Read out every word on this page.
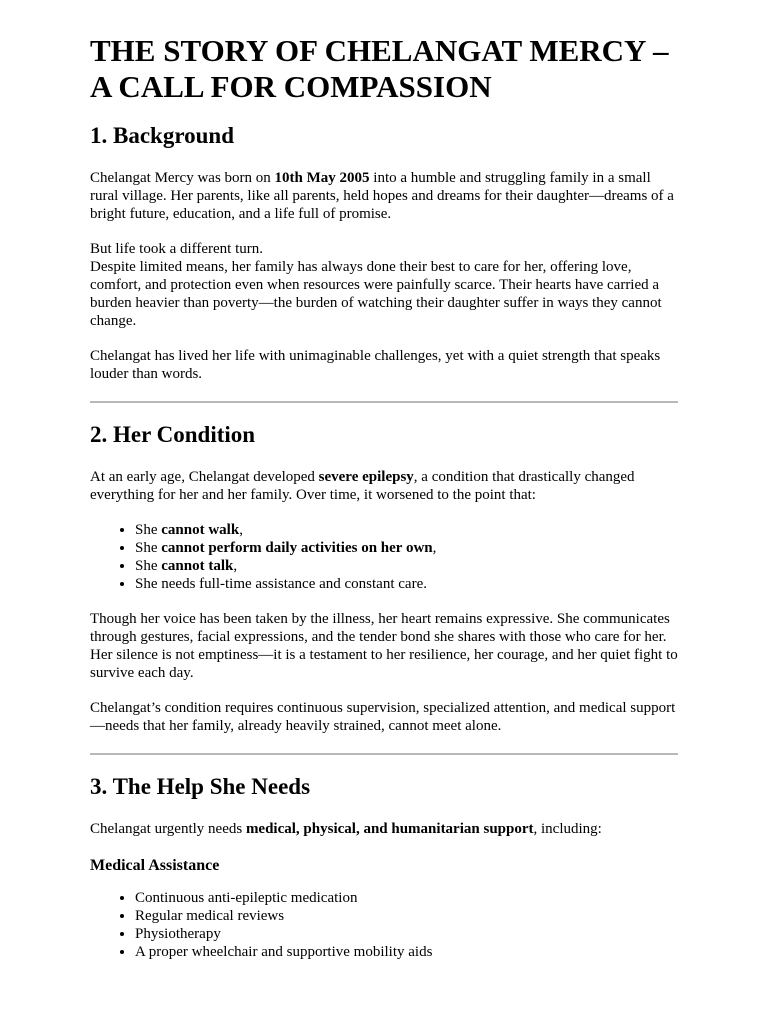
THE STORY OF CHELANGAT MERCY –
A CALL FOR COMPASSION
1. Background

Chelangat Mercy was born on 10th May 2005 into a humble and struggling family in a small rural village. Her parents, like all parents, held hopes and dreams for their daughter—dreams of a bright future, education, and a life full of promise.

But life took a different turn.

Despite limited means, her family has always done their best to care for her, offering love, comfort, and protection even when resources were painfully scarce. Their hearts have carried a burden heavier than poverty—the burden of watching their daughter suffer in ways they cannot change.

Chelangat has lived her life with unimaginable challenges, yet with a quiet strength that speaks louder than words.

2. Her Condition

At an early age, Chelangat developed severe epilepsy, a condition that drastically changed everything for her and her family. Over time, it worsened to the point that:

• She cannot walk,
• She cannot perform daily activities on her own,
• She cannot talk,
• She needs full-time assistance and constant care.

Though her voice has been taken by the illness, her heart remains expressive. She communicates through gestures, facial expressions, and the tender bond she shares with those who care for her. Her silence is not emptiness—it is a testament to her resilience, her courage, and her quiet fight to survive each day.

Chelangat’s condition requires continuous supervision, specialized attention, and medical support—needs that her family, already heavily strained, cannot meet alone.

3. The Help She Needs

Chelangat urgently needs medical, physical, and humanitarian support, including:

Medical Assistance
• Continuous anti-epileptic medication
• Regular medical reviews
• Physiotherapy
• A proper wheelchair and supportive mobility aids
